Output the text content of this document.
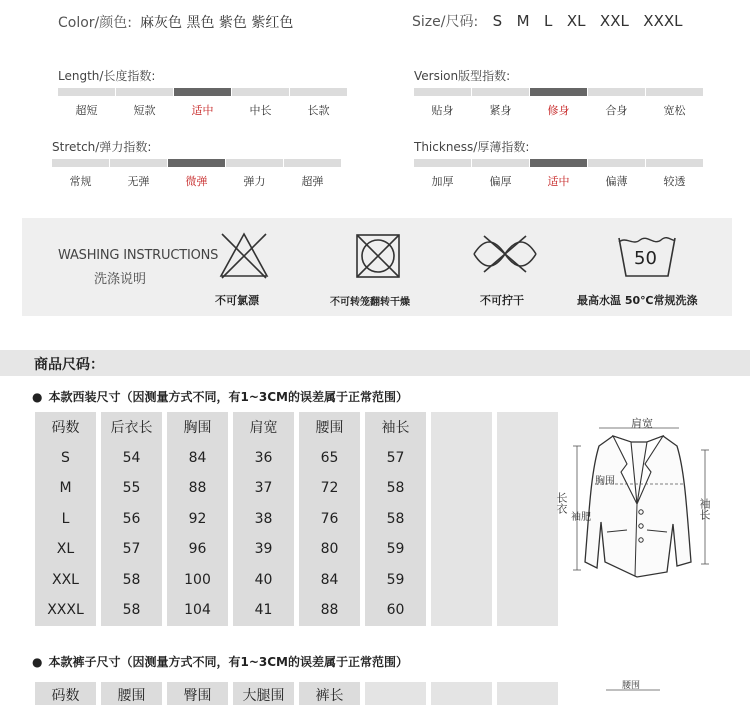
Color/颜色: 麻灰色 黑色 紫色 紫红色	Size/尺码: S M L XL XXL XXXL
Length/长度指数:
超短	短款	适中	中长	长款
Version版型指数:
贴身	紧身	修身	合身	宽松
Stretch/弹力指数:
常规	无弹	微弹	弹力	超弹
Thickness/厚薄指数:
加厚	偏厚	适中	偏薄	较透
WASHING INSTRUCTIONS
洗涤说明
不可氯漂	不可转笼翻转干燥	不可拧干
50
最高水温 50℃常规洗涤
商品尺码：
● 本款西装尺寸（因测量方式不同，有1~3CM的误差属于正常范围）
码数	后衣长	胸围	肩宽	腰围	袖长
S	54	84	36	65	57
M	55	88	37	72	58
L	56	92	38	76	58
XL	57	96	39	80	59
XXL	58	100	40	84	59
XXXL	58	104	41	88	60
肩宽
胸围
长衣
袖肥	袖长
● 本款裤子尺寸（因测量方式不同，有1~3CM的误差属于正常范围）
码数	腰围	臀围	大腿围	裤长
腰围
